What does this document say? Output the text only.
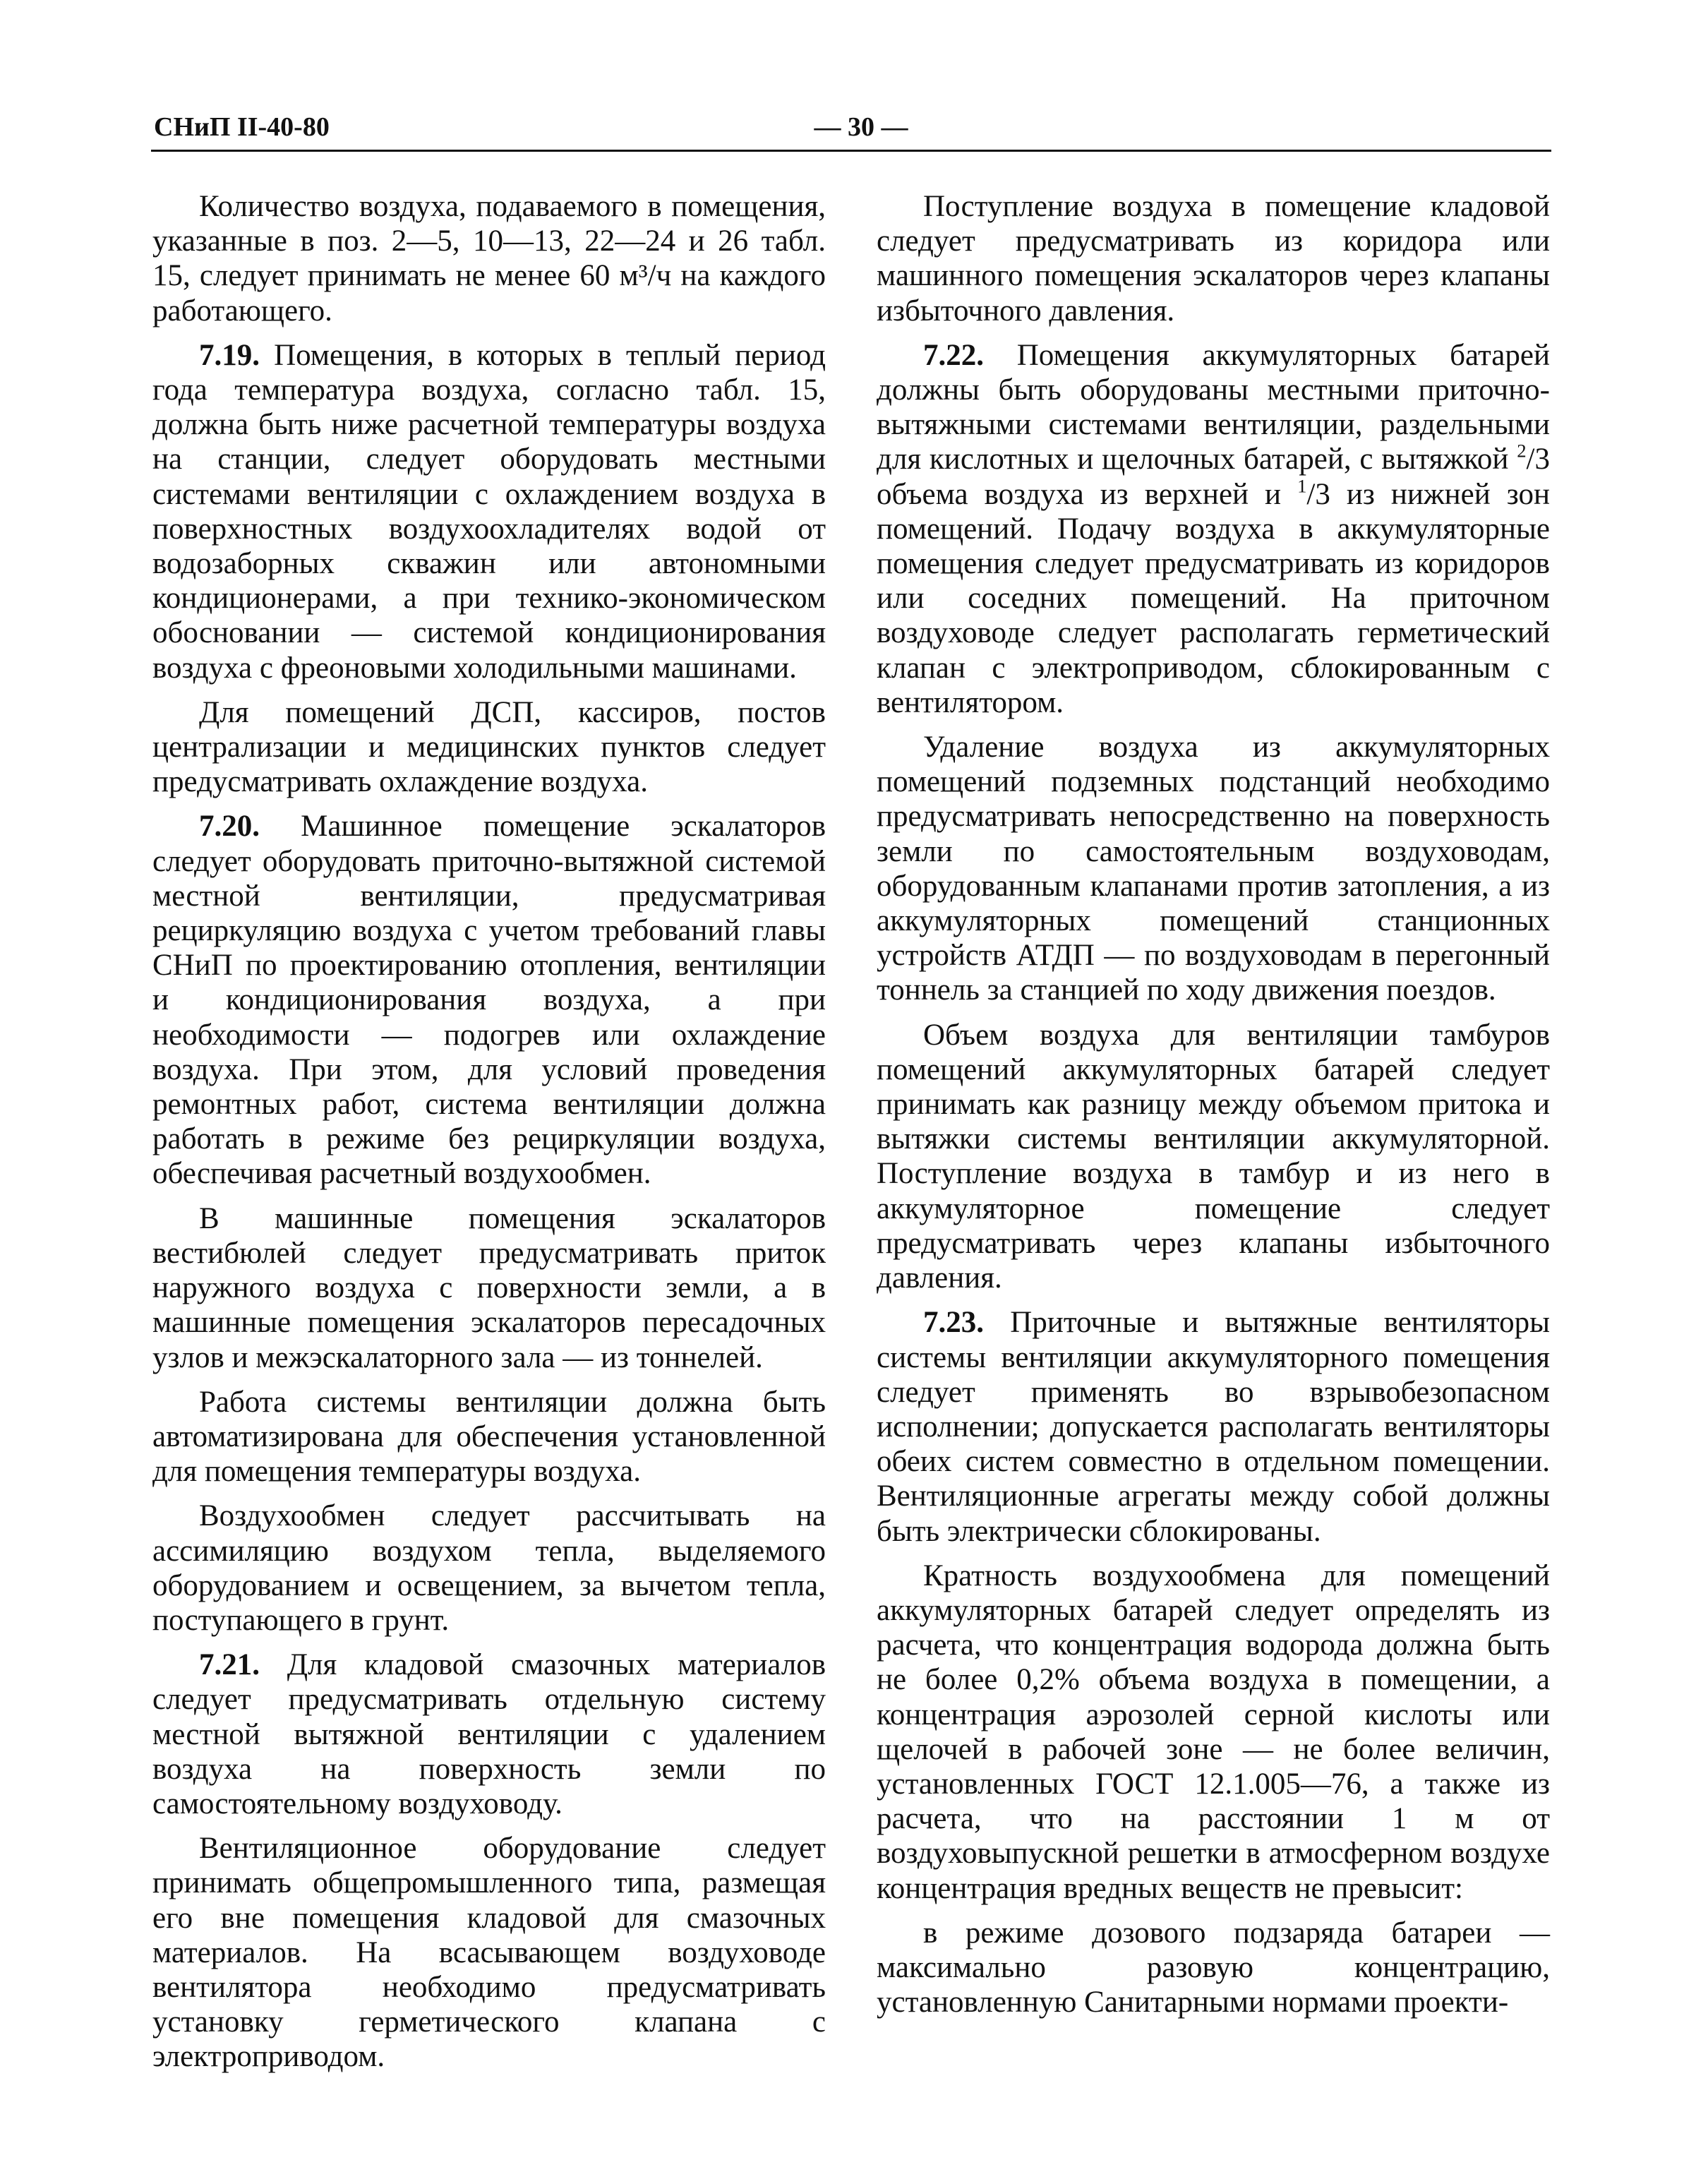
СНиП II-40-80	— 30 —

Количество воздуха, подаваемого в помещения, указанные в поз. 2—5, 10—13, 22—24 и 26 табл. 15, следует принимать не менее 60 м³/ч на каждого работающего.

7.19. Помещения, в которых в теплый период года температура воздуха, согласно табл. 15, должна быть ниже расчетной температуры воздуха на станции, следует оборудовать местными системами вентиляции с охлаждением воздуха в поверхностных воздухоохладителях водой от водозаборных скважин или автономными кондиционерами, а при технико-экономическом обосновании — системой кондиционирования воздуха с фреоновыми холодильными машинами.

Для помещений ДСП, кассиров, постов централизации и медицинских пунктов следует предусматривать охлаждение воздуха.

7.20. Машинное помещение эскалаторов следует оборудовать приточно-вытяжной системой местной вентиляции, предусматривая рециркуляцию воздуха с учетом требований главы СНиП по проектированию отопления, вентиляции и кондиционирования воздуха, а при необходимости — подогрев или охлаждение воздуха. При этом, для условий проведения ремонтных работ, система вентиляции должна работать в режиме без рециркуляции воздуха, обеспечивая расчетный воздухообмен.

В машинные помещения эскалаторов вестибюлей следует предусматривать приток наружного воздуха с поверхности земли, а в машинные помещения эскалаторов пересадочных узлов и межэскалаторного зала — из тоннелей.

Работа системы вентиляции должна быть автоматизирована для обеспечения установленной для помещения температуры воздуха.

Воздухообмен следует рассчитывать на ассимиляцию воздухом тепла, выделяемого оборудованием и освещением, за вычетом тепла, поступающего в грунт.

7.21. Для кладовой смазочных материалов следует предусматривать отдельную систему местной вытяжной вентиляции с удалением воздуха на поверхность земли по самостоятельному воздуховоду.

Вентиляционное оборудование следует принимать общепромышленного типа, размещая его вне помещения кладовой для смазочных материалов. На всасывающем воздуховоде вентилятора необходимо предусматривать установку герметического клапана с электроприводом.

Поступление воздуха в помещение кладовой следует предусматривать из коридора или машинного помещения эскалаторов через клапаны избыточного давления.

7.22. Помещения аккумуляторных батарей должны быть оборудованы местными приточно-вытяжными системами вентиляции, раздельными для кислотных и щелочных батарей, с вытяжкой $^2$/3 объема воздуха из верхней и $^1$/3 из нижней зон помещений. Подачу воздуха в аккумуляторные помещения следует предусматривать из коридоров или соседних помещений. На приточном воздуховоде следует располагать герметический клапан с электроприводом, сблокированным с вентилятором.

Удаление воздуха из аккумуляторных помещений подземных подстанций необходимо предусматривать непосредственно на поверхность земли по самостоятельным воздуховодам, оборудованным клапанами против затопления, а из аккумуляторных помещений станционных устройств АТДП — по воздуховодам в перегонный тоннель за станцией по ходу движения поездов.

Объем воздуха для вентиляции тамбуров помещений аккумуляторных батарей следует принимать как разницу между объемом притока и вытяжки системы вентиляции аккумуляторной. Поступление воздуха в тамбур и из него в аккумуляторное помещение следует предусматривать через клапаны избыточного давления.

7.23. Приточные и вытяжные вентиляторы системы вентиляции аккумуляторного помещения следует применять во взрывобезопасном исполнении; допускается располагать вентиляторы обеих систем совместно в отдельном помещении. Вентиляционные агрегаты между собой должны быть электрически сблокированы.

Кратность воздухообмена для помещений аккумуляторных батарей следует определять из расчета, что концентрация водорода должна быть не более 0,2% объема воздуха в помещении, а концентрация аэрозолей серной кислоты или щелочей в рабочей зоне — не более величин, установленных ГОСТ 12.1.005—76, а также из расчета, что на расстоянии 1 м от воздуховыпускной решетки в атмосферном воздухе концентрация вредных веществ не превысит:

в режиме дозового подзаряда батареи — максимально разовую концентрацию, установленную Санитарными нормами проекти-
